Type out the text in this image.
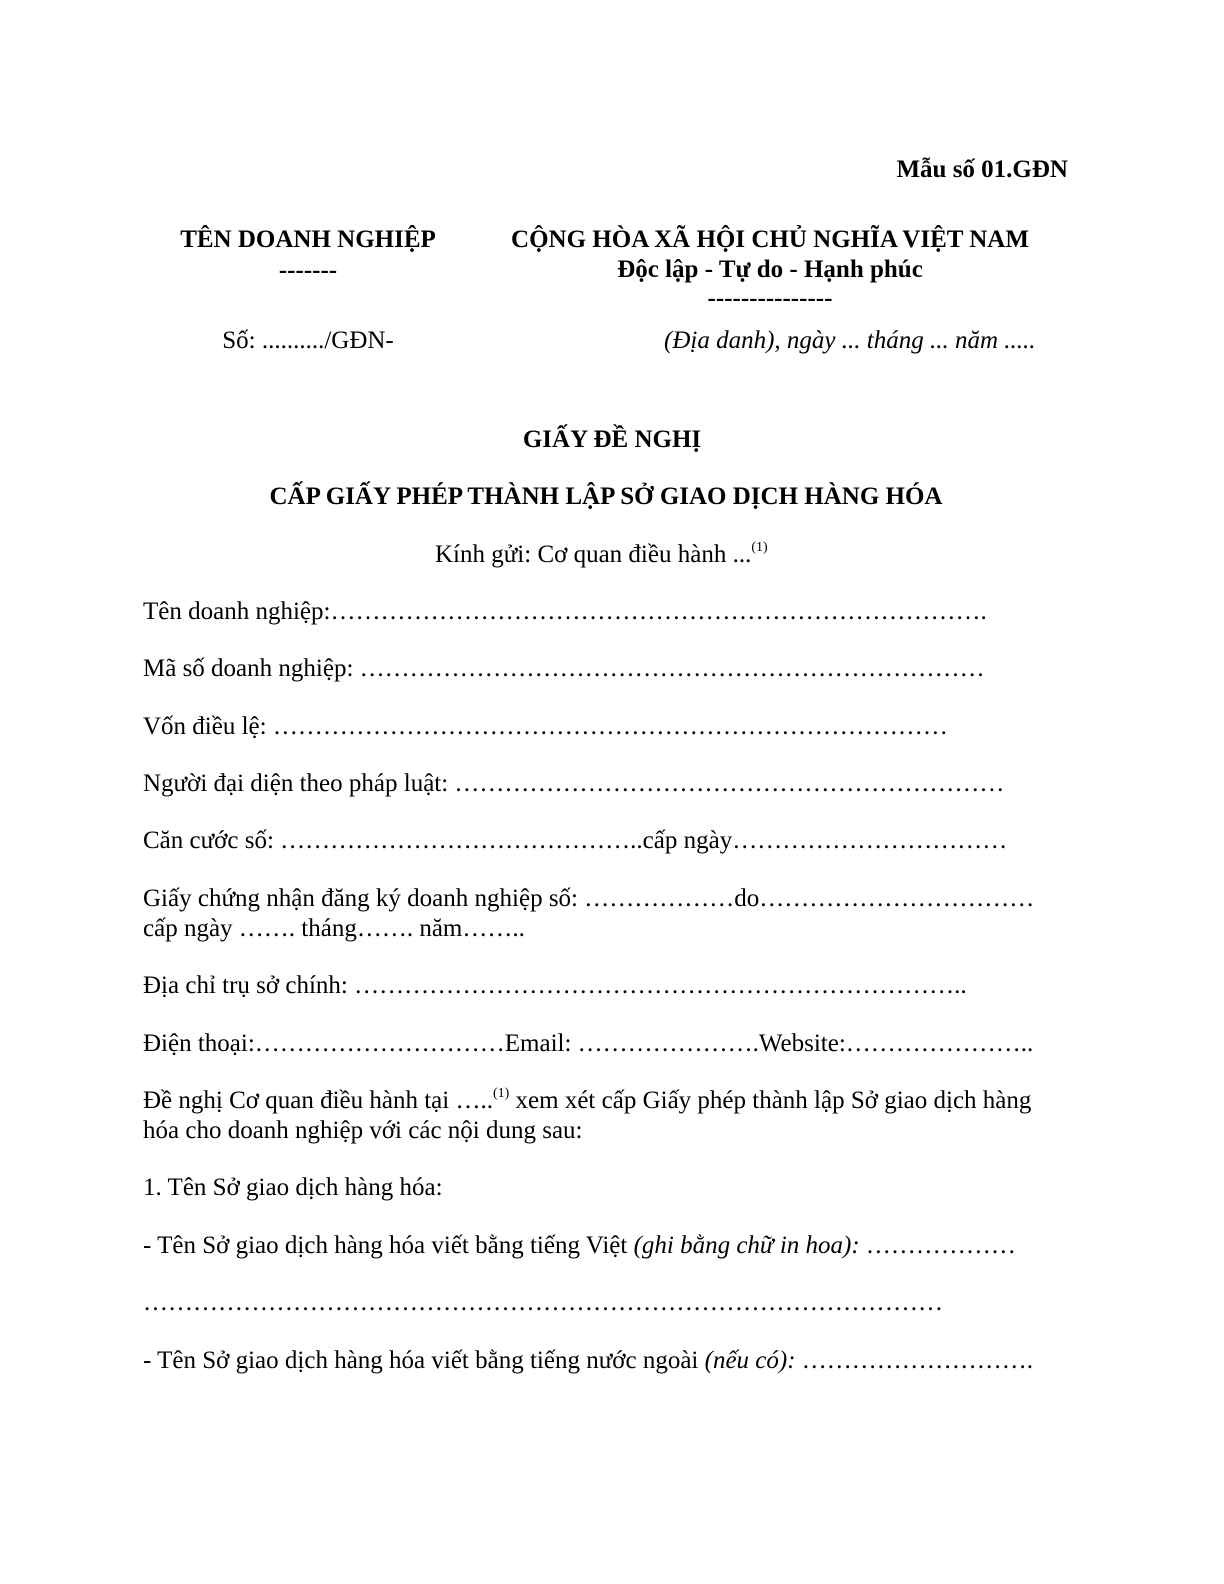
Mẫu số 01.GĐN
TÊN DOANH NGHIỆP
-------
Số: ........../GĐN-
CỘNG HÒA XÃ HỘI CHỦ NGHĨA VIỆT NAM
Độc lập - Tự do - Hạnh phúc
---------------
(Địa danh), ngày ... tháng ... năm .....
GIẤY ĐỀ NGHỊ
CẤP GIẤY PHÉP THÀNH LẬP SỞ GIAO DỊCH HÀNG HÓA
Kính gửi: Cơ quan điều hành ...$^{(1)}$
Tên doanh nghiệp:…………………………………………………………………….
Mã số doanh nghiệp: …………………………………………………………………
Vốn điều lệ: ………………………………………………………………………
Người đại diện theo pháp luật: …………………………………………………………
Căn cước số: ……………………………………..cấp ngày……………………………
Giấy chứng nhận đăng ký doanh nghiệp số: ………………do……………………………
cấp ngày ……. tháng……. năm……..
Địa chỉ trụ sở chính: ………………………………………………………………..
Điện thoại:…………………………Email: ………………….Website:…………………..
Đề nghị Cơ quan điều hành tại …..$^{(1)}$ xem xét cấp Giấy phép thành lập Sở giao dịch hàng
hóa cho doanh nghiệp với các nội dung sau:
1. Tên Sở giao dịch hàng hóa:
- Tên Sở giao dịch hàng hóa viết bằng tiếng Việt (ghi bằng chữ in hoa): ………………
……………………………………………………………………………………
- Tên Sở giao dịch hàng hóa viết bằng tiếng nước ngoài (nếu có): ……………………….
